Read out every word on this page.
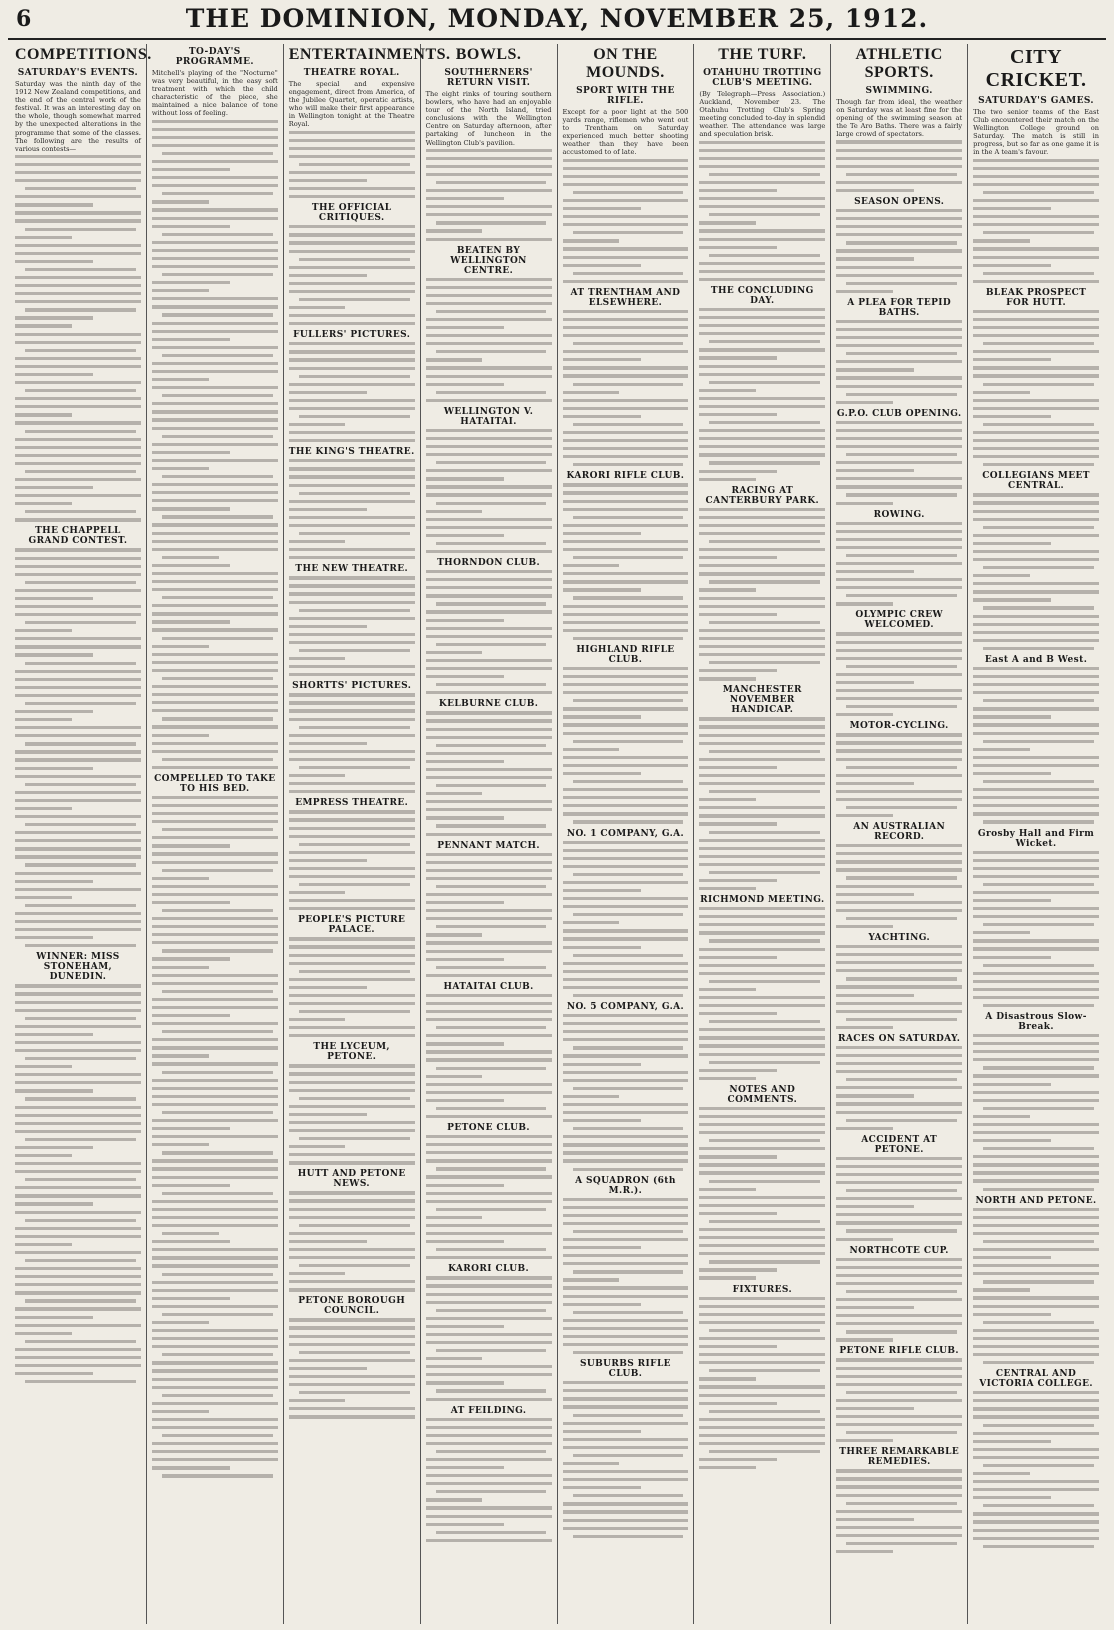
6	THE DOMINION, MONDAY, NOVEMBER 25, 1912.
COMPETITIONS.
SATURDAY'S EVENTS.
Saturday was the ninth day of the 1912 New Zealand competitions, and the end of the central work of the festival. It was an interesting day on the whole, though somewhat marred by the unexpected alterations in the programme that some of the classes. The following are the results of various contests—
THE CHAPPELL GRAND CONTEST.
WINNER: MISS STONEHAM, DUNEDIN.
TO-DAY'S PROGRAMME.
Mitchell's playing of the "Nocturne" was very beautiful, in the easy soft treatment with which the child characteristic of the piece, she maintained a nice balance of tone without loss of feeling.
COMPELLED TO TAKE TO HIS BED.
ENTERTAINMENTS.
THEATRE ROYAL.
The special and expensive engagement, direct from America, of the Jubilee Quartet, operatic artists, who will make their first appearance in Wellington tonight at the Theatre Royal.
THE OFFICIAL CRITIQUES.
FULLERS' PICTURES.
THE KING'S THEATRE.
THE NEW THEATRE.
SHORTTS' PICTURES.
EMPRESS THEATRE.
PEOPLE'S PICTURE PALACE.
THE LYCEUM, PETONE.
HUTT AND PETONE NEWS.
PETONE BOROUGH COUNCIL.
BOWLS.
SOUTHERNERS' RETURN VISIT.
The eight rinks of touring southern bowlers, who have had an enjoyable tour of the North Island, tried conclusions with the Wellington Centre on Saturday afternoon, after partaking of luncheon in the Wellington Club's pavilion.
BEATEN BY WELLINGTON CENTRE.
WELLINGTON V. HATAITAI.
THORNDON CLUB.
KELBURNE CLUB.
PENNANT MATCH.
HATAITAI CLUB.
PETONE CLUB.
KARORI CLUB.
AT FEILDING.
ON THE MOUNDS.
SPORT WITH THE RIFLE.
Except for a poor light at the 500 yards range, riflemen who went out to Trentham on Saturday experienced much better shooting weather than they have been accustomed to of late.
AT TRENTHAM AND ELSEWHERE.
KARORI RIFLE CLUB.
HIGHLAND RIFLE CLUB.
NO. 1 COMPANY, G.A.
NO. 5 COMPANY, G.A.
A SQUADRON (6th M.R.).
SUBURBS RIFLE CLUB.
THE TURF.
OTAHUHU TROTTING CLUB'S MEETING.
(By Telegraph—Press Association.) Auckland, November 23. The Otahuhu Trotting Club's Spring meeting concluded to-day in splendid weather. The attendance was large and speculation brisk.
THE CONCLUDING DAY.
RACING AT CANTERBURY PARK.
MANCHESTER NOVEMBER HANDICAP.
RICHMOND MEETING.
NOTES AND COMMENTS.
FIXTURES.
ATHLETIC SPORTS.
SWIMMING.
Though far from ideal, the weather on Saturday was at least fine for the opening of the swimming season at the Te Aro Baths. There was a fairly large crowd of spectators.
SEASON OPENS.
A PLEA FOR TEPID BATHS.
G.P.O. CLUB OPENING.
ROWING.
OLYMPIC CREW WELCOMED.
MOTOR-CYCLING.
AN AUSTRALIAN RECORD.
YACHTING.
RACES ON SATURDAY.
ACCIDENT AT PETONE.
NORTHCOTE CUP.
PETONE RIFLE CLUB.
THREE REMARKABLE REMEDIES.
CITY CRICKET.
SATURDAY'S GAMES.
The two senior teams of the East Club encountered their match on the Wellington College ground on Saturday. The match is still in progress, but so far as one game it is in the A team's favour.
BLEAK PROSPECT FOR HUTT.
COLLEGIANS MEET CENTRAL.
East A and B West.
Grosby Hall and Firm Wicket.
A Disastrous Slow-Break.
NORTH AND PETONE.
CENTRAL AND VICTORIA COLLEGE.
